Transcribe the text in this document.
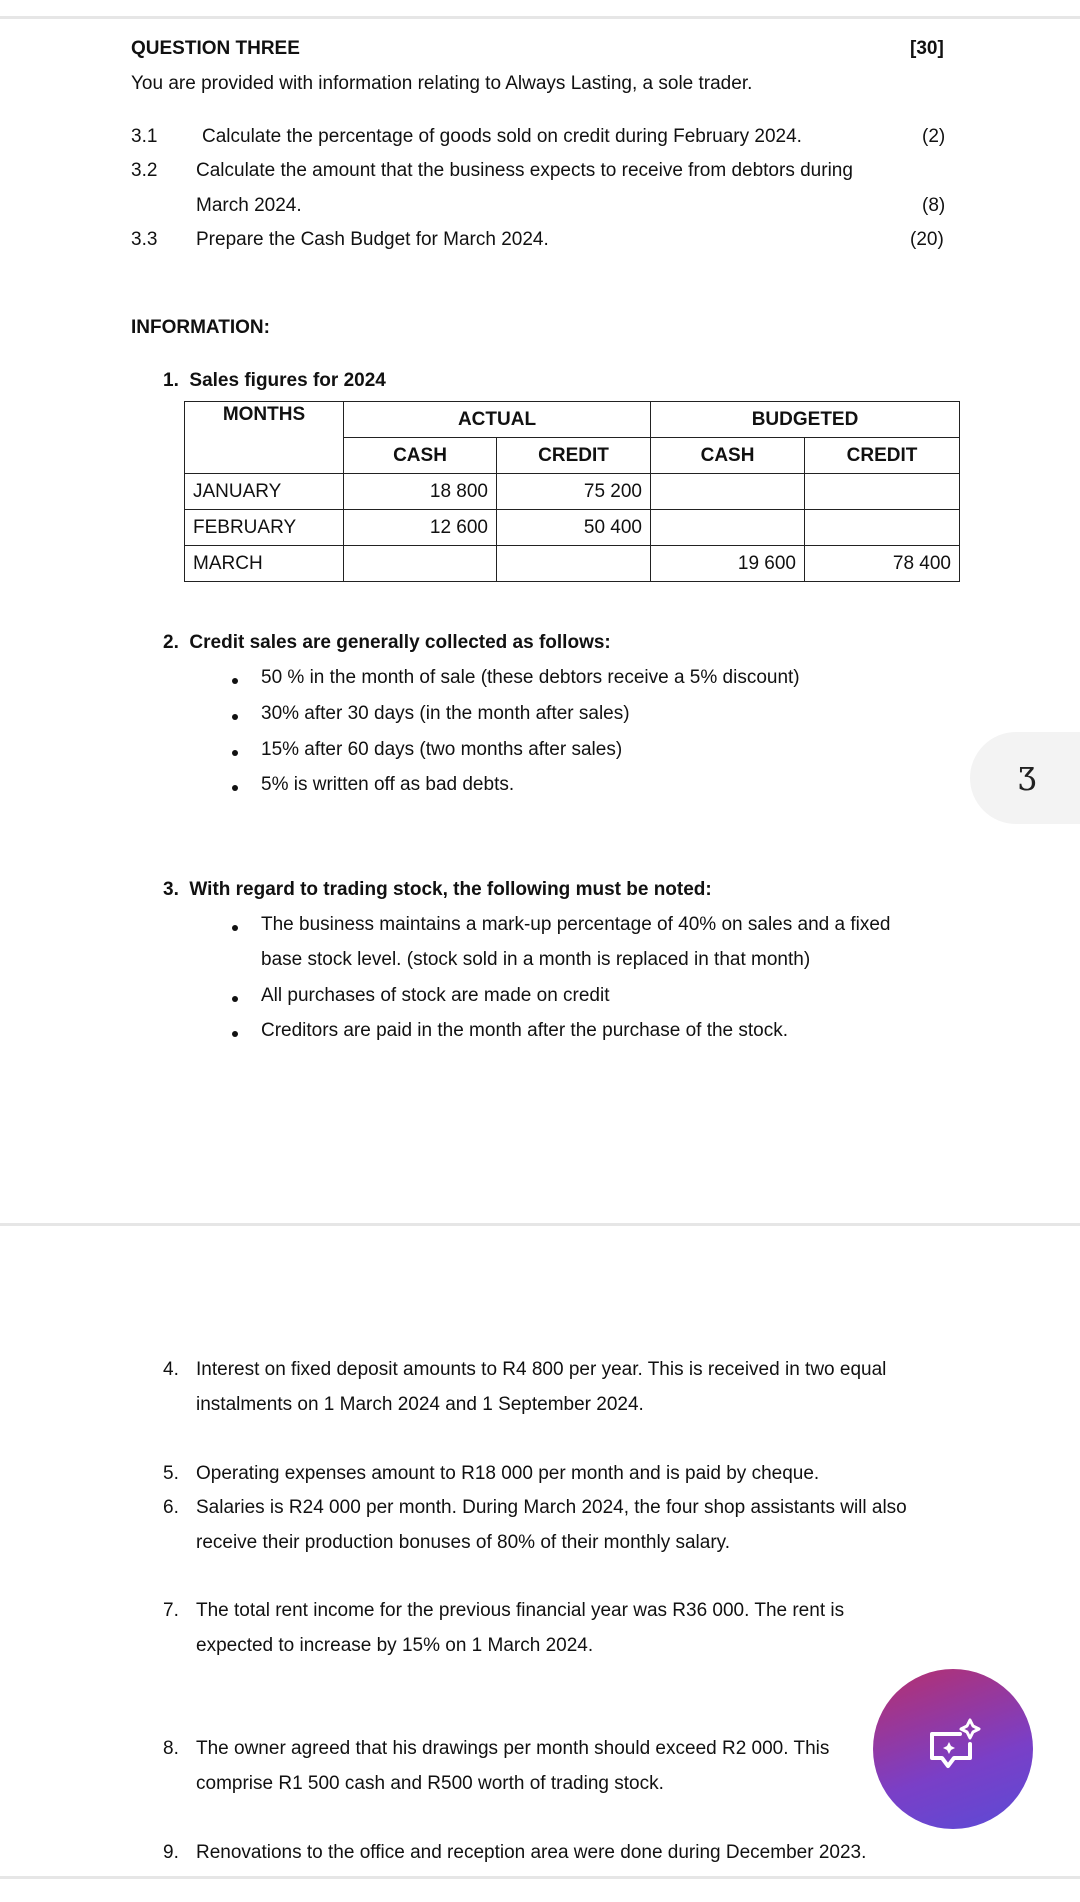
QUESTION THREE	[30]
You are provided with information relating to Always Lasting, a sole trader.
3.1 Calculate the percentage of goods sold on credit during February 2024.	(2)
3.2 Calculate the amount that the business expects to receive from debtors during
March 2024.	(8)
3.3 Prepare the Cash Budget for March 2024.	(20)
INFORMATION:
1.  Sales figures for 2024
MONTHS	ACTUAL		BUDGETED	
	CASH	CREDIT	CASH	CREDIT
JANUARY	18 800	75 200		
FEBRUARY	12 600	50 400		
MARCH			19 600	78 400
2.  Credit sales are generally collected as follows:
50 % in the month of sale (these debtors receive a 5% discount)
30% after 30 days (in the month after sales)
15% after 60 days (two months after sales)
5% is written off as bad debts.	Ʒ
3.  With regard to trading stock, the following must be noted:
The business maintains a mark-up percentage of 40% on sales and a fixed
base stock level. (stock sold in a month is replaced in that month)
All purchases of stock are made on credit
Creditors are paid in the month after the purchase of the stock.
4. Interest on fixed deposit amounts to R4 800 per year. This is received in two equal
instalments on 1 March 2024 and 1 September 2024.
5. Operating expenses amount to R18 000 per month and is paid by cheque.
6. Salaries is R24 000 per month. During March 2024, the four shop assistants will also
receive their production bonuses of 80% of their monthly salary.
7. The total rent income for the previous financial year was R36 000. The rent is
expected to increase by 15% on 1 March 2024.
8. The owner agreed that his drawings per month should exceed R2 000. This
comprise R1 500 cash and R500 worth of trading stock.
9. Renovations to the office and reception area were done during December 2023.
